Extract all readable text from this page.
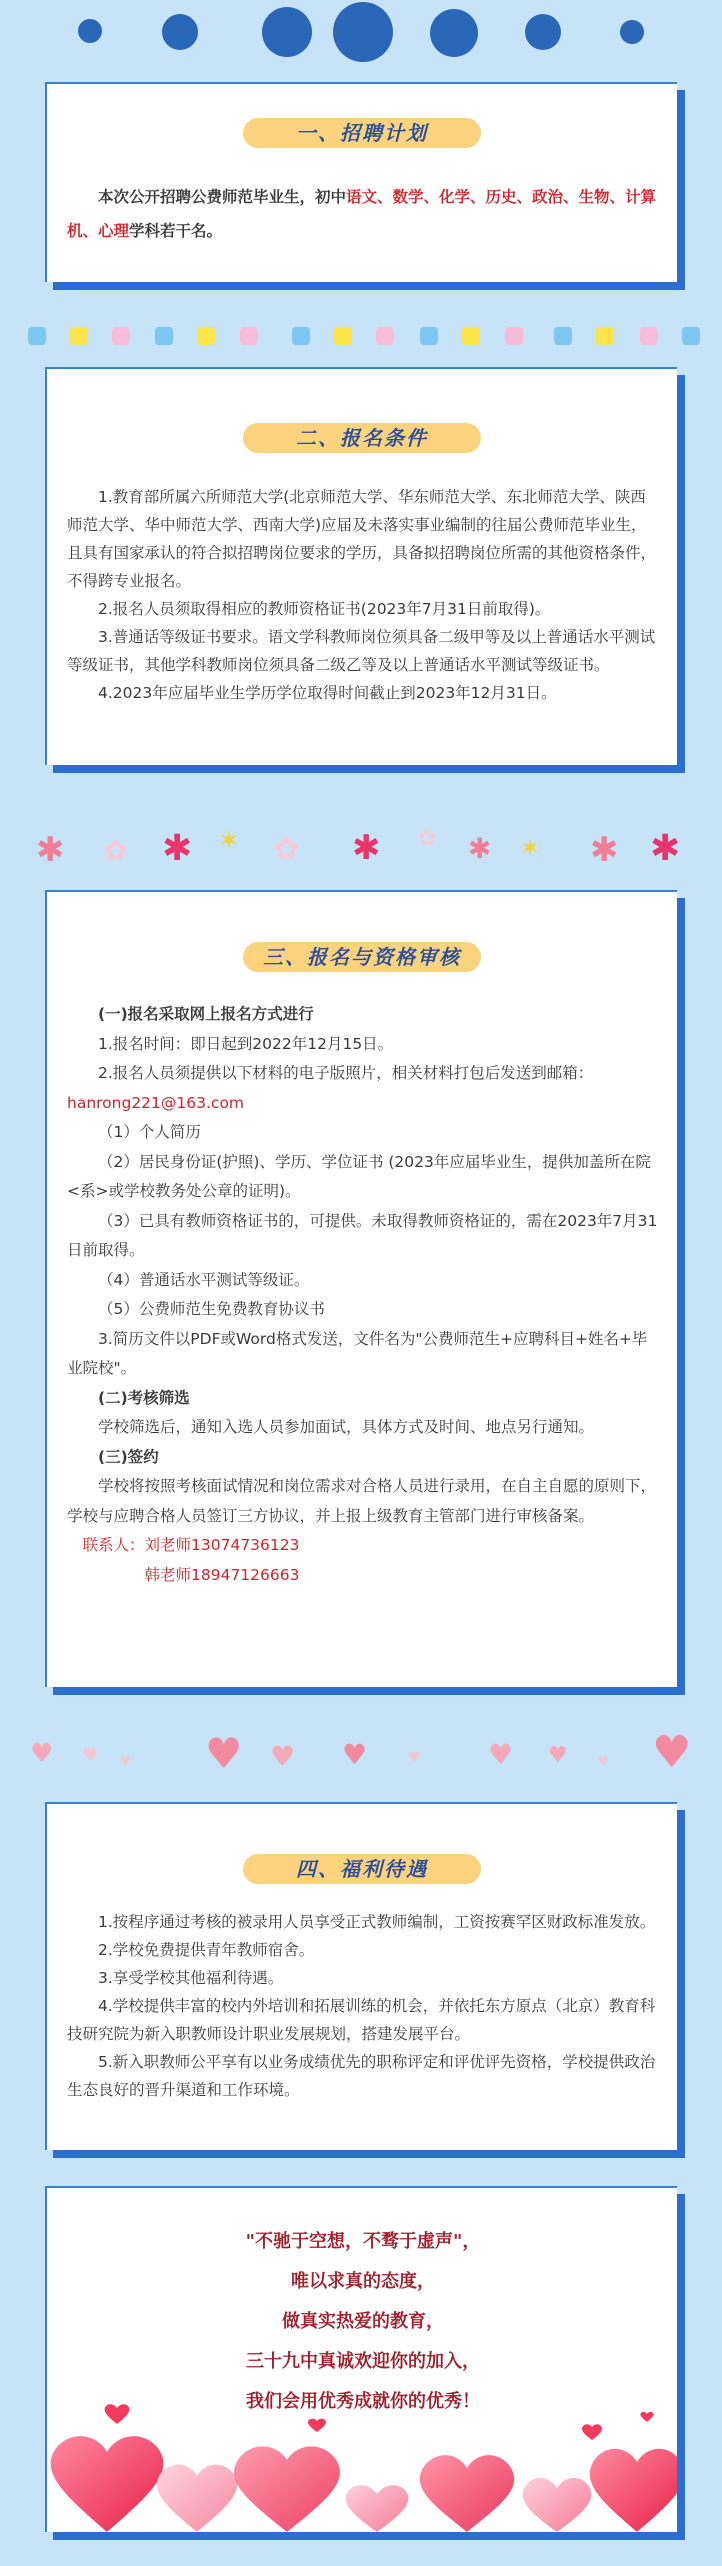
一、招聘计划
本次公开招聘公费师范毕业生，初中语文、数学、化学、历史、政治、生物、计算机、心理学科若干名。
二、报名条件

1.教育部所属六所师范大学(北京师范大学、华东师范大学、东北师范大学、陕西师范大学、华中师范大学、西南大学)应届及未落实事业编制的往届公费师范毕业生，且具有国家承认的符合拟招聘岗位要求的学历，具备拟招聘岗位所需的其他资格条件，不得跨专业报名。

2.报名人员须取得相应的教师资格证书(2023年7月31日前取得)。

3.普通话等级证书要求。语文学科教师岗位须具备二级甲等及以上普通话水平测试等级证书，其他学科教师岗位须具备二级乙等及以上普通话水平测试等级证书。

4.2023年应届毕业生学历学位取得时间截止到2023年12月31日。

✱ ✿ ✱ ✶ ✿ ✱ ✿ ✱ ✶ ✱ ✱
三、报名与资格审核

(一)报名采取网上报名方式进行

1.报名时间：即日起到2022年12月15日。

2.报名人员须提供以下材料的电子版照片，相关材料打包后发送到邮箱：hanrong221@163.com

（1）个人简历

（2）居民身份证(护照)、学历、学位证书 (2023年应届毕业生，提供加盖所在院<系>或学校教务处公章的证明)。

（3）已具有教师资格证书的，可提供。未取得教师资格证的，需在2023年7月31日前取得。

（4）普通话水平测试等级证。

（5）公费师范生免费教育协议书

3.简历文件以PDF或Word格式发送，文件名为"公费师范生+应聘科目+姓名+毕业院校"。

(二)考核筛选

学校筛选后，通知入选人员参加面试，具体方式及时间、地点另行通知。

(三)签约

学校将按照考核面试情况和岗位需求对合格人员进行录用，在自主自愿的原则下，学校与应聘合格人员签订三方协议，并上报上级教育主管部门进行审核备案。

联系人：刘老师13074736123

韩老师18947126663

♥ ♥ ♥ ♥ ♥ ♥	♥ ♥ ♥	♥ ♥
四、福利待遇

1.按程序通过考核的被录用人员享受正式教师编制，工资按赛罕区财政标准发放。

2.学校免费提供青年教师宿舍。

3.享受学校其他福利待遇。

4.学校提供丰富的校内外培训和拓展训练的机会，并依托东方原点（北京）教育科技研究院为新入职教师设计职业发展规划，搭建发展平台。

5.新入职教师公平享有以业务成绩优先的职称评定和评优评先资格，学校提供政治生态良好的晋升渠道和工作环境。

"不驰于空想，不骛于虚声"，

唯以求真的态度，

做真实热爱的教育，

三十九中真诚欢迎你的加入，

我们会用优秀成就你的优秀！
